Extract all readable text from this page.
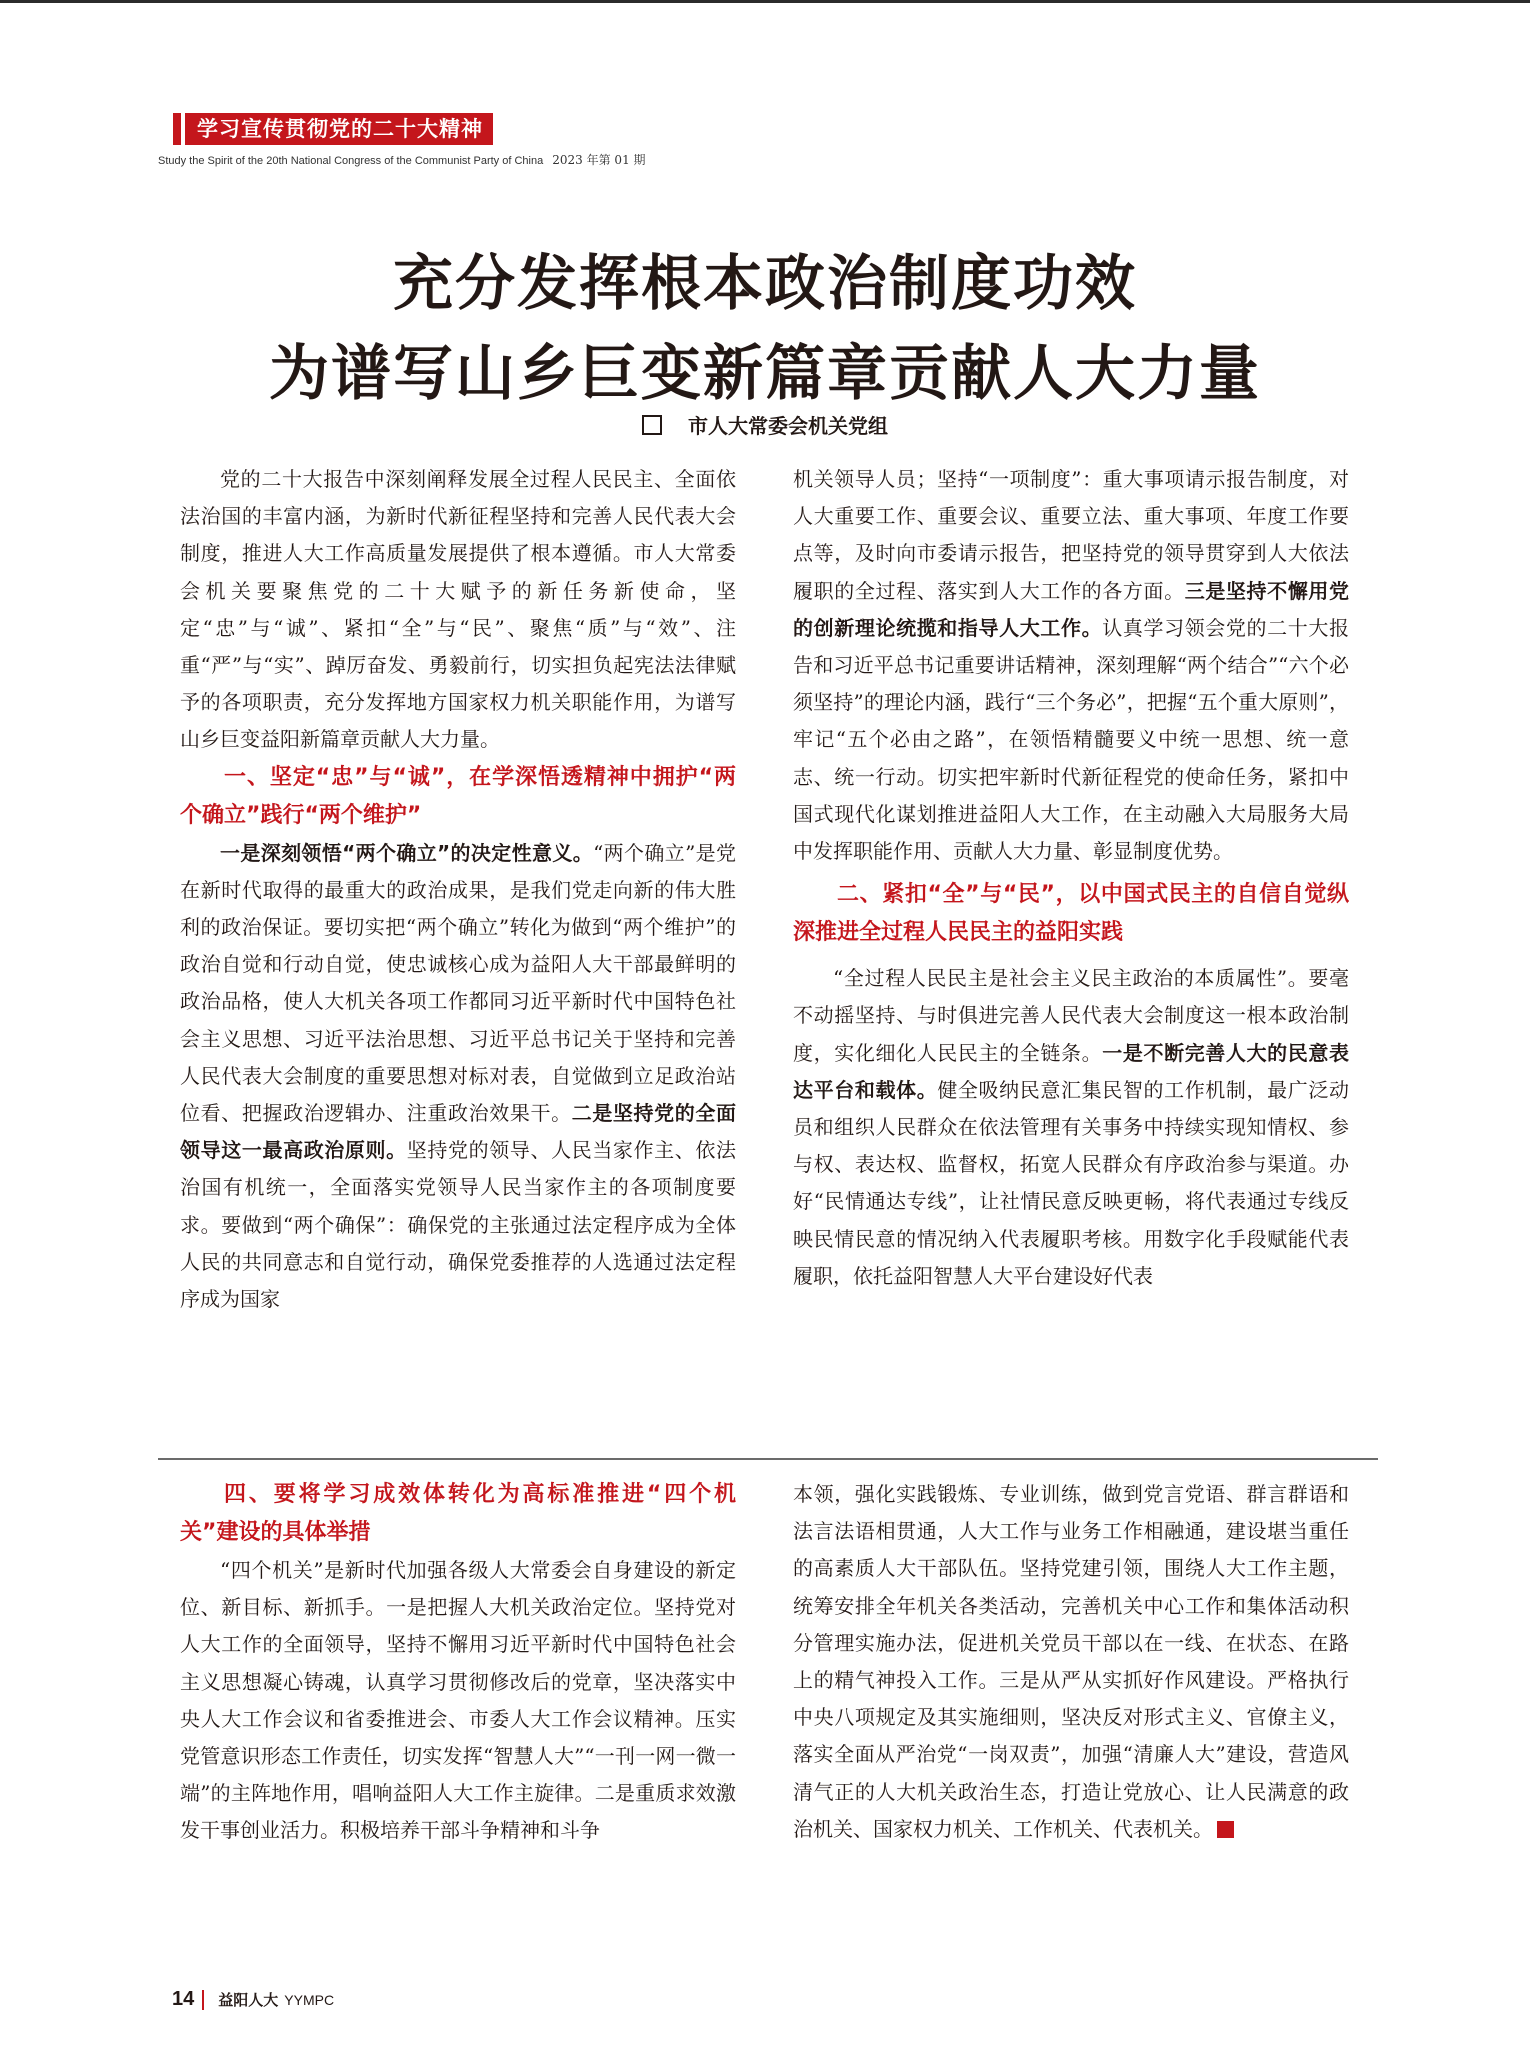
学习宣传贯彻党的二十大精神
Study the Spirit of the 20th National Congress of the Communist Party of China 2023 年第 01 期
充分发挥根本政治制度功效
为谱写山乡巨变新篇章贡献人大力量
市人大常委会机关党组

党的二十大报告中深刻阐释发展全过程人民民主、全面依法治国的丰富内涵，为新时代新征程坚持和完善人民代表大会制度，推进人大工作高质量发展提供了根本遵循。市人大常委会机关要聚焦党的二十大赋予的新任务新使命，坚定“忠”与“诚”、紧扣“全”与“民”、聚焦“质”与“效”、注重“严”与“实”、踔厉奋发、勇毅前行，切实担负起宪法法律赋予的各项职责，充分发挥地方国家权力机关职能作用，为谱写山乡巨变益阳新篇章贡献人大力量。

一、坚定“忠”与“诚”，在学深悟透精神中拥护“两个确立”践行“两个维护”

一是深刻领悟“两个确立”的决定性意义。“两个确立”是党在新时代取得的最重大的政治成果，是我们党走向新的伟大胜利的政治保证。要切实把“两个确立”转化为做到“两个维护”的政治自觉和行动自觉，使忠诚核心成为益阳人大干部最鲜明的政治品格，使人大机关各项工作都同习近平新时代中国特色社会主义思想、习近平法治思想、习近平总书记关于坚持和完善人民代表大会制度的重要思想对标对表，自觉做到立足政治站位看、把握政治逻辑办、注重政治效果干。二是坚持党的全面领导这一最高政治原则。坚持党的领导、人民当家作主、依法治国有机统一，全面落实党领导人民当家作主的各项制度要求。要做到“两个确保”：确保党的主张通过法定程序成为全体人民的共同意志和自觉行动，确保党委推荐的人选通过法定程序成为国家

机关领导人员；坚持“一项制度”：重大事项请示报告制度，对人大重要工作、重要会议、重要立法、重大事项、年度工作要点等，及时向市委请示报告，把坚持党的领导贯穿到人大依法履职的全过程、落实到人大工作的各方面。三是坚持不懈用党的创新理论统揽和指导人大工作。认真学习领会党的二十大报告和习近平总书记重要讲话精神，深刻理解“两个结合”“六个必须坚持”的理论内涵，践行“三个务必”，把握“五个重大原则”，牢记“五个必由之路”，在领悟精髓要义中统一思想、统一意志、统一行动。切实把牢新时代新征程党的使命任务，紧扣中国式现代化谋划推进益阳人大工作，在主动融入大局服务大局中发挥职能作用、贡献人大力量、彰显制度优势。

二、紧扣“全”与“民”，以中国式民主的自信自觉纵深推进全过程人民民主的益阳实践

“全过程人民民主是社会主义民主政治的本质属性”。要毫不动摇坚持、与时俱进完善人民代表大会制度这一根本政治制度，实化细化人民民主的全链条。一是不断完善人大的民意表达平台和载体。健全吸纳民意汇集民智的工作机制，最广泛动员和组织人民群众在依法管理有关事务中持续实现知情权、参与权、表达权、监督权，拓宽人民群众有序政治参与渠道。办好“民情通达专线”，让社情民意反映更畅，将代表通过专线反映民情民意的情况纳入代表履职考核。用数字化手段赋能代表履职，依托益阳智慧人大平台建设好代表

四、要将学习成效体转化为高标准推进“四个机关”建设的具体举措

“四个机关”是新时代加强各级人大常委会自身建设的新定位、新目标、新抓手。一是把握人大机关政治定位。坚持党对人大工作的全面领导，坚持不懈用习近平新时代中国特色社会主义思想凝心铸魂，认真学习贯彻修改后的党章，坚决落实中央人大工作会议和省委推进会、市委人大工作会议精神。压实党管意识形态工作责任，切实发挥“智慧人大”“一刊一网一微一端”的主阵地作用，唱响益阳人大工作主旋律。二是重质求效激发干事创业活力。积极培养干部斗争精神和斗争

本领，强化实践锻炼、专业训练，做到党言党语、群言群语和法言法语相贯通，人大工作与业务工作相融通，建设堪当重任的高素质人大干部队伍。坚持党建引领，围绕人大工作主题，统筹安排全年机关各类活动，完善机关中心工作和集体活动积分管理实施办法，促进机关党员干部以在一线、在状态、在路上的精气神投入工作。三是从严从实抓好作风建设。严格执行中央八项规定及其实施细则，坚决反对形式主义、官僚主义，落实全面从严治党“一岗双责”，加强“清廉人大”建设，营造风清气正的人大机关政治生态，打造让党放心、让人民满意的政治机关、国家权力机关、工作机关、代表机关。

14 益阳人大 YYMPC
